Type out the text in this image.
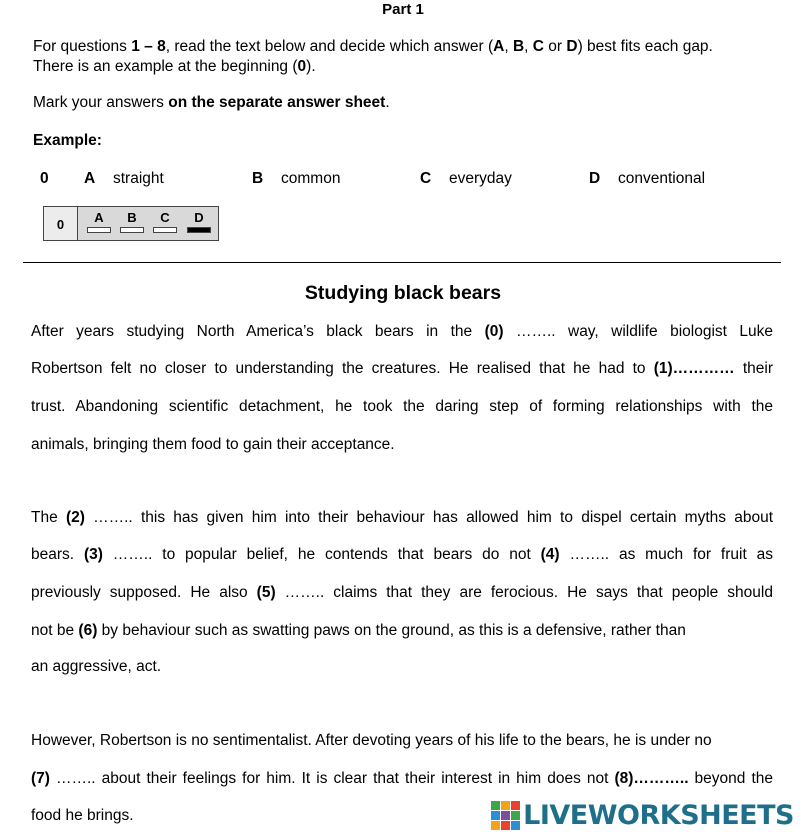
Part 1
For questions 1 – 8, read the text below and decide which answer (A, B, C or D) best fits each gap.
There is an example at the beginning (0).
Mark your answers on the separate answer sheet.
Example:
0 A straight	B common	C everyday	D conventional
0	A	B	C	D
Studying black bears
After years studying North America’s black bears in the (0) …….. way, wildlife biologist Luke
Robertson felt no closer to understanding the creatures. He realised that he had to (1)………… their
trust. Abandoning scientific detachment, he took the daring step of forming relationships with the
animals, bringing them food to gain their acceptance.
The (2) …….. this has given him into their behaviour has allowed him to dispel certain myths about
bears. (3) …….. to popular belief, he contends that bears do not (4) …….. as much for fruit as
previously supposed. He also (5) …….. claims that they are ferocious. He says that people should
not be (6) by behaviour such as swatting paws on the ground, as this is a defensive, rather than
an aggressive, act.
However, Robertson is no sentimentalist. After devoting years of his life to the bears, he is under no
(7) …….. about their feelings for him. It is clear that their interest in him does not (8)……….. beyond the
food he brings.	LIVEWORKSHEETS
